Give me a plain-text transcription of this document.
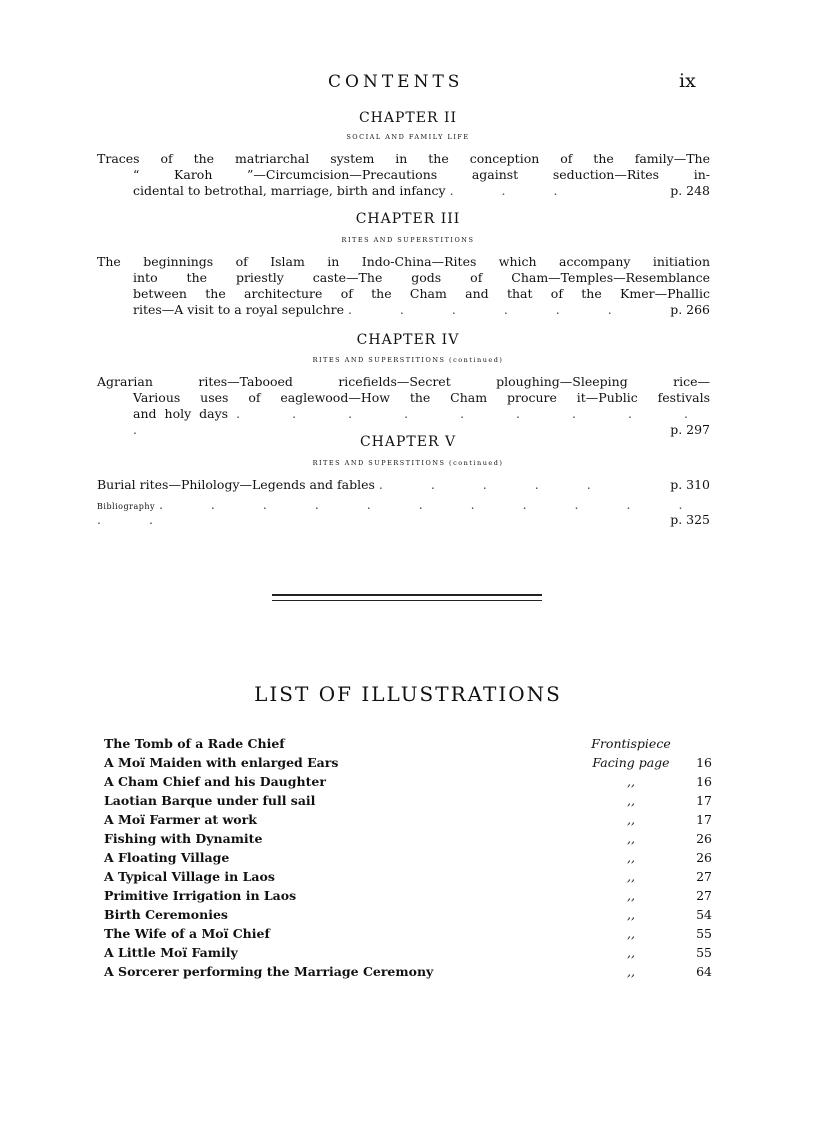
CONTENTS	ix
CHAPTER II
SOCIAL AND FAMILY LIFE
Traces of the matriarchal system in the conception of the family—The
“ Karoh ”—Circumcision—Precautions against seduction—Rites in-
cidental to betrothal, marriage, birth and infancy . . .	p. 248
CHAPTER III
RITES AND SUPERSTITIONS
The beginnings of Islam in Indo-China—Rites which accompany initiation
into the priestly caste—The gods of Cham—Temples—Resemblance
between the architecture of the Cham and that of the Kmer—Phallic
rites—A visit to a royal sepulchre . . . . . .	p. 266
CHAPTER IV
RITES AND SUPERSTITIONS (continued)
Agrarian rites—Tabooed ricefields—Secret ploughing—Sleeping rice—
Various uses of eaglewood—How the Cham procure it—Public festivals
and holy days . . . . . . . . . .	p. 297
CHAPTER V
RITES AND SUPERSTITIONS (continued)
Burial rites—Philology—Legends and fables . . . . .	p. 310
Bibliography . . . . . . . . . . . . .	p. 325
LIST OF ILLUSTRATIONS
The Tomb of a Rade Chief	Frontispiece
A Moï Maiden with enlarged Ears	Facing page	16
A Cham Chief and his Daughter	,,	16
Laotian Barque under full sail	,,	17
A Moï Farmer at work	,,	17
Fishing with Dynamite	,,	26
A Floating Village	,,	26
A Typical Village in Laos	,,	27
Primitive Irrigation in Laos	,,	27
Birth Ceremonies	,,	54
The Wife of a Moï Chief	,,	55
A Little Moï Family	,,	55
A Sorcerer performing the Marriage Ceremony	,,	64
